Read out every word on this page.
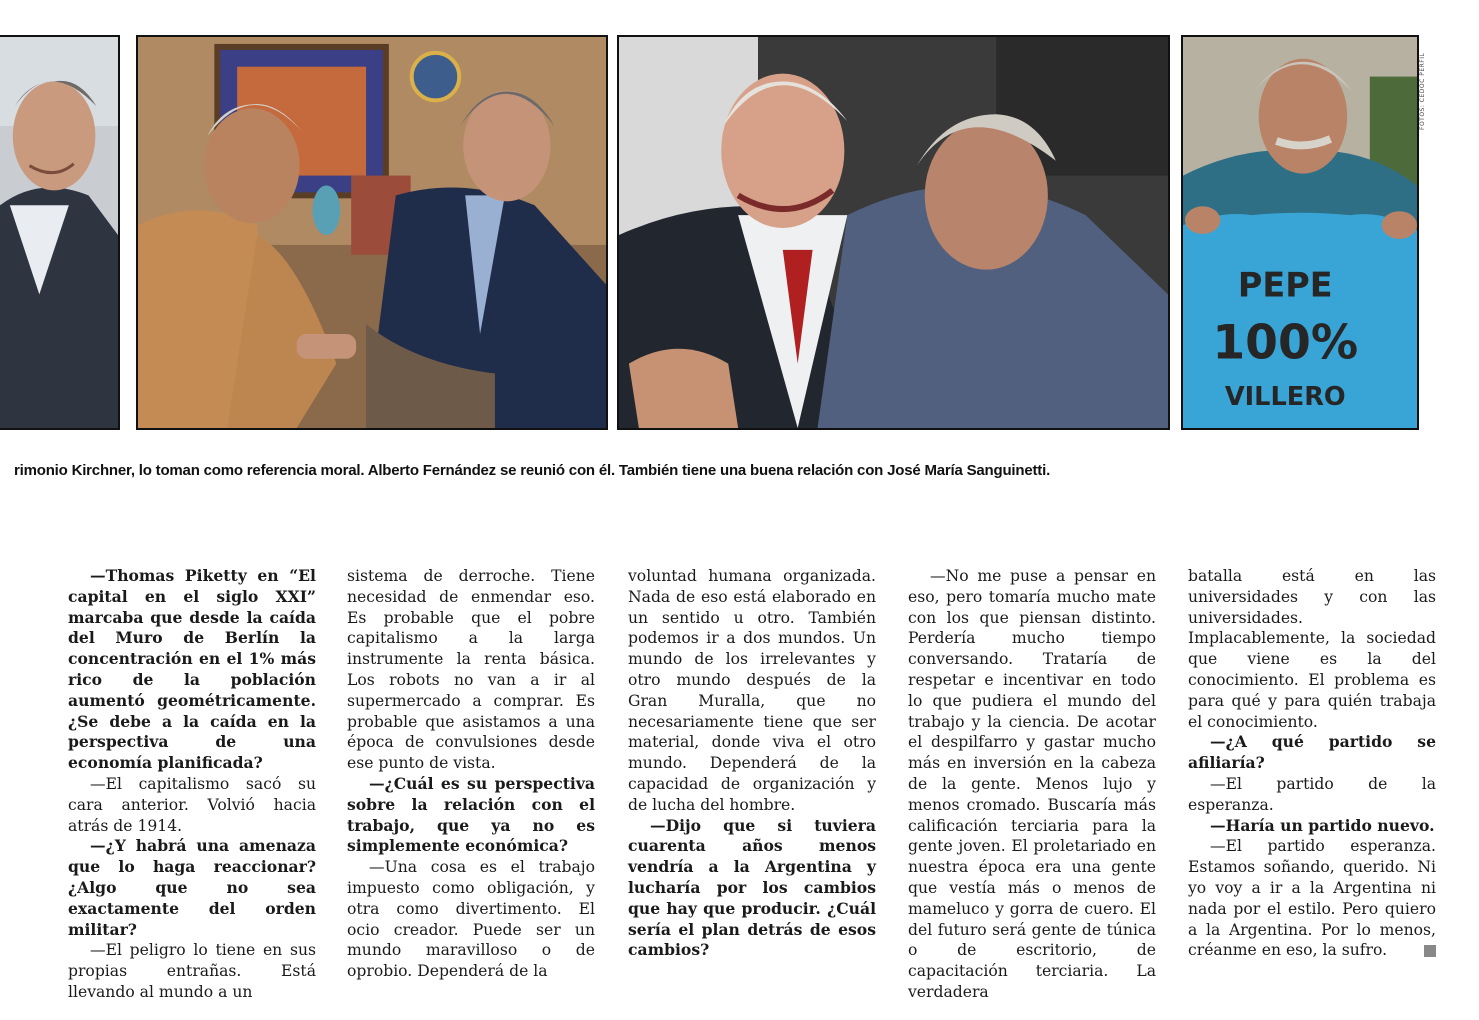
PEPE
100%
VILLERO
FOTOS: CEDOC PERFIL
rimonio Kirchner, lo toman como referencia moral. Alberto Fernández se reunió con él. También tiene una buena relación con José María Sanguinetti.

—Thomas Piketty en “El capital en el siglo XXI” marcaba que desde la caída del Muro de Berlín la concentración en el 1% más rico de la población aumentó geométricamente. ¿Se debe a la caída en la perspectiva de una economía planificada?

—El capitalismo sacó su cara anterior. Volvió hacia atrás de 1914.

—¿Y habrá una amenaza que lo haga reaccionar? ¿Algo que no sea exactamente del orden militar?

—El peligro lo tiene en sus propias entrañas. Está llevando al mundo a un

sistema de derroche. Tiene necesidad de enmendar eso. Es probable que el pobre capitalismo a la larga instrumente la renta básica. Los robots no van a ir al supermercado a comprar. Es probable que asistamos a una época de convulsiones desde ese punto de vista.

—¿Cuál es su perspectiva sobre la relación con el trabajo, que ya no es simplemente económica?

—Una cosa es el trabajo impuesto como obligación, y otra como divertimento. El ocio creador. Puede ser un mundo maravilloso o de oprobio. Dependerá de la

voluntad humana organizada. Nada de eso está elaborado en un sentido u otro. También podemos ir a dos mundos. Un mundo de los irrelevantes y otro mundo después de la Gran Muralla, que no necesariamente tiene que ser material, donde viva el otro mundo. Dependerá de la capacidad de organización y de lucha del hombre.

—Dijo que si tuviera cuarenta años menos vendría a la Argentina y lucharía por los cambios que hay que producir. ¿Cuál sería el plan detrás de esos cambios?

—No me puse a pensar en eso, pero tomaría mucho mate con los que piensan distinto. Perdería mucho tiempo conversando. Trataría de respetar e incentivar en todo lo que pudiera el mundo del trabajo y la ciencia. De acotar el despilfarro y gastar mucho más en inversión en la cabeza de la gente. Menos lujo y menos cromado. Buscaría más calificación terciaria para la gente joven. El proletariado en nuestra época era una gente que vestía más o menos de mameluco y gorra de cuero. El del futuro será gente de túnica o de escritorio, de capacitación terciaria. La verdadera

batalla está en las universidades y con las universidades. Implacablemente, la sociedad que viene es la del conocimiento. El problema es para qué y para quién trabaja el conocimiento.

—¿A qué partido se afiliaría?

—El partido de la esperanza.

—Haría un partido nuevo.

—El partido esperanza. Estamos soñando, querido. Ni yo voy a ir a la Argentina ni nada por el estilo. Pero quiero a la Argentina. Por lo menos, créanme en eso, la sufro.
